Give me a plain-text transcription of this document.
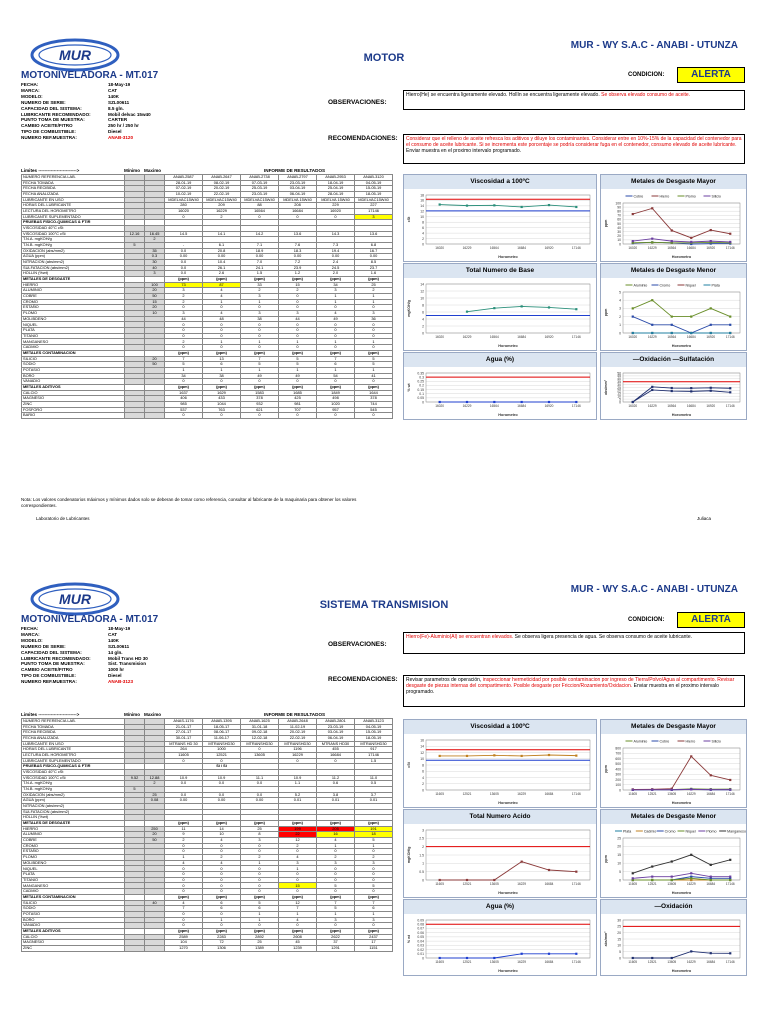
MUR
MUR - WY S.A.C - ANABI - UTUNZA
MOTOR
MOTONIVELADORA - MT.017	CONDICION:	ALERTA
FECHA:	18-May-19
MARCA:	CAT
MODELO:	140K
NUMERO DE SERIE:	SZL00611
CAPACIDAD DEL SISTEMA:	8.5 gln.
LUBRICANTE RECOMENDADO:	Mobil delvac 15w40
PUNTO TOMA DE MUESTRA:	CARTER
CAMBIO ACEITE/FITRO	250 hr / 250 hr
TIPO DE COMBUSTIBLE:	Diesel
NUMERO REF.MUESTRA:	ANAB-3120
OBSERVACIONES:
Hierro(He) se encuentra ligeramente elevado. Hollín se encuentra ligeramente elevado. Se observa elevado consumo de aceite.
RECOMENDACIONES:	Considerar que el relleno de aceite refresca los aditivos y diluye los contaminantes. Considerar entre en 10%-15% de la capacidad del contenedor para el consumo de aceite lubricante. Si se incrementa este porcentaje se podría considerar fuga en el contenedor, consumo elevado de aceite lubricante. Enviar muestra en el proximo intervalo programado.
Limites ------------------------->	Mínimo Maximo	INFORME DE RESULTADOS
NUMERO REFERENCIA LAB.			ANAB-2587	ANAB-2647	ANAB-2738	ANAB-2797	ANAB-2953	ANAB-3120
FECHA TOMADA			28-01-19	08-02-19	07-03-19	23-03-19	18-04-19	04-05-19
FECHA RECIBIDA			07-02-19	20-02-19	25-03-19	03-04-19	25-04-19	15-05-19
FECHA ANALIZADA			10-02-19	22-02-19	23-03-19	06-04-19	28-04-19	18-05-19
LUBRICANTE EN USO			MDELVAC15W40	MDELVAC15W40	MDELVAC15W40	MDELVA 15W40	MDELVA 15W40	MDELVAC15W40
HORAS DEL LUBRICANTE			280	209	88	208	229	227
LECTURA DEL HOROMETRO			16020	16229	16564	16684	16920	17146
LUBRICANTE SUPLEMENTADO			0	2	0	0	0	3
PRUEBAS FISICO-QUIMICAS & FTIR								
VISCOSIDAD 40°C cSt								
VISCOSIDAD 100°C cSt	12.16	16.45	14.5	14.1	14.2	13.6	14.3	13.6
T.N.A. mgKOH/g		2						
T.N.B. mgKOH/g	5		-	6.1	7.1	7.6	7.3	6.8
OXIDACION (abs/mm2)		35	0.0	20.8	18.9	18.3	19.4	16.7
AGUA (ppm)		0.3	0.00	0.00	0.00	0.00	0.00	0.00
NITRACION (abs/mm2)		30	0.0	10.4	7.0	7.2	2.4	8.5
SULFATACION (abs/mm2)		40	0.0	26.1	24.1	23.9	24.5	23.7
HOLLIN (%wt)		3	0.0	2.6	1.5	1.2	2.0	1.6
METALES DE DESGASTE			(ppm)	(ppm)	(ppm)	(ppm)	(ppm)	(ppm)
HIERRO		100	73	87	33	15	34	25
ALUMINIO		20	3	4	2	2	3	2
COBRE		50	2	4	3	0	1	1
CROMO		15	2	1	1	0	1	1
ESTAÑO		20	0	0	0	0	0	0
PLOMO		10	3	4	3	3	4	3
MOLIBDENO			44	48	38	44	49	36
NIQUEL			0	0	0	0	0	0
PLATA			0	0	0	0	0	0
TITANIO			0	0	0	0	0	0
MANGANESO			2	1	1	1	1	1
CADMIO			0	0	0	0	0	0
METALES CONTAMINACION			(ppm)	(ppm)	(ppm)	(ppm)	(ppm)	(ppm)
SILICIO		20	7	13	7	5	7	5
SODIO		50	5	6	5	5	6	5
POTASIO			1	1	1	1	1	1
BORO			34	38	49	49	54	41
VANADIO			0	0	0	0	0	0
METALES ADITIVOS			(ppm)	(ppm)	(ppm)	(ppm)	(ppm)	(ppm)
CALCIO			1637	1629	1583	1685	1849	1644
MAGNESIO			406	433	378	425	498	378
ZINC			985	1044	932	981	1020	744
FOSFORO			537	763	621	707	957	545
BARIO			0	0	0	0	0	0
Nota: Los valores condenatorios máximos y mínimos dados solo se deberan de tomar como referencia, consultar al fabricante de la maquinaria para obtener los valores correspondientes.
Laboratorio de Lubricantes	Juliaca
Viscosidad a 100ºC
0
2
4
6
8
10
12
14
16
18
16020	16229	16564	16684	16920	17146
Horometro
cSt
Metales de Desgaste Mayor
0
10
20
30
40
50
60
70
80
90
100
16020	16229	16564	16684	16920	17146
Horometro
ppm
Cobre	Hierro	Plomo	Silicio
Total Numero de Base
0
2
4
6
8
10
12
14
16020	16229	16564	16684	16920	17146
Horometro
mgKOH/g
Metales de Desgaste Menor
0
1
2
3
4
5
16020	16229	16564	16684	16920	17146
Horometro
ppm
Aluminio	Cromo	Niquel	Plata
Agua (%)
0
0.05
0.1
0.15
0.2
0.25
0.3
0.35
16020	16229	16564	16684	16920	17146
Horometro
% wt
—Oxidación —Sulfatación
0
5
10
15
20
25
30
35
40
45
50
16020	16229	16564	16684	16920	17146
Horometro
abs/mm²
MUR
MUR - WY S.A.C - ANABI - UTUNZA
SISTEMA TRANSMISION
MOTONIVELADORA - MT.017	CONDICION:	ALERTA
FECHA:	18-May-19
MARCA:	CAT
MODELO:	140K
NUMERO DE SERIE:	SZL00611
CAPACIDAD DEL SISTEMA:	14 gln.
LUBRICANTE RECOMENDADO:	Mobil Trans HD 30
PUNTO TOMA DE MUESTRA:	Sist. Transmision
CAMBIO ACEITE/FITRO	1000 hr
TIPO DE COMBUSTIBLE:	Diesel
NUMERO REF.MUESTRA:	ANAB-3123
OBSERVACIONES:
Hierro(Fe)-Aluminio(Al) se encuentran elevados. Se observa ligera presencia de agua. Se observa consumo de aceite lubricante.
RECOMENDACIONES:	Revisar parametros de operación, inspeccionar hermeticidad por posible contaminacion por ingreso de Tierra/Polvo/Agua al compartimento. Revisar desgaste de piezas internas del compartimento. Posible desgaste por Friccion/Rozamiento/Oxidacion. Enviar muestra en el proximo intervalo programado.
Limites ------------------------->	Mínimo Maximo	INFORME DE RESULTADOS
NUMERO REFERENCIA LAB.			ANAS-1176	ANAB-1395	ANAB-1625	ANAB-2648	ANAB-2801	ANAB-3123
FECHA TOMADA			21-01-17	18-05-17	31-01-18	11-02-19	23-03-19	04-05-19
FECHA RECIBIDA			27-01-17	08-06-17	09-02-18	20-02-19	03-04-19	15-05-19
FECHA ANALIZADA			30-01-17	11-06-17	12-02-18	22-02-19	06-04-19	18-05-19
LUBRICANTE EN USO			MTRANS HD 30	MTRANSHD30	MTRANSHD30	MTRANSHD30	MTRANS HD30	MTRANSHD30
HORAS DEL LUBRICANTE			264	1000	0	1196	455	917
LECTURA DEL HOROMETRO			11605	12521	13605	16229	16684	17146
LUBRICANTE SUPLEMENTADO			0	0		0	0	1.5
PRUEBAS FISICO-QUIMICAS & FTIR				Si / Si				
VISCOSIDAD 40°C cSt								
VISCOSIDAD 100°C cSt	9.52	12.88	10.9	10.9	11.1	10.9	11.2	11.0
T.N.A. mgKOH/g		2	0.0	0.0	0.0	1.1	0.6	0.5
T.N.B. mgKOH/g	5							
OXIDACION (abs/mm2)		25	0.0	0.0	0.0	5.2	3.8	3.7
AGUA (ppm)		0.08	0.00	0.00	0.00	0.01	0.01	0.01
NITRACION (abs/mm2)								
SULFATACION (abs/mm2)								
HOLLIN (%wt)								
METALES DE DESGASTE			(ppm)	(ppm)	(ppm)	(ppm)	(ppm)	(ppm)
HIERRO		250	11	14	25	199	205	191
ALUMINIO		20	9	10	8	22	16	18
COBRE		50	2	4	3	12	4	5
CROMO			0	0	0	2	1	1
ESTAÑO			0	0	0	0	0	0
PLOMO			1	2	2	4	2	2
MOLIBDENO			4	4	1	3	3	3
NIQUEL			0	0	0	1	0	0
PLATA			0	0	0	0	0	0
TITANIO			0	0	0	0	0	0
MANGANESO			0	0	0	15	5	5
CADMIO			0	0	0	0	0	0
METALES CONTAMINACION			(ppm)	(ppm)	(ppm)	(ppm)	(ppm)	(ppm)
SILICIO		40	4	6	5	12	7	7
SODIO			7	6	6	7	5	6
POTASIO			0	0	1	1	1	1
BORO			0	1	1	4	3	3
VANADIO			0	0	0	0	0	0
METALES ADITIVOS			(ppm)	(ppm)	(ppm)	(ppm)	(ppm)	(ppm)
CALCIO			2589	2283	2892	2608	2622	2437
MAGNESIO			104	72	25	45	37	17
ZINC			1270	1306	1389	1239	1291	1151
Viscosidad a 100ºC
0
2
4
6
8
10
12
14
16
11605	12521	13605	16229	16684	17146
Horometro
cSt
Metales de Desgaste Mayor
0
100
200
300
400
500
600
700
800
11605	12521	13605	16229	16684	17146
Horometro
ppm
Aluminio	Cobre	Hierro	Silicio
Total Numero Acido
0
0.5
1
1.5
2
2.5
3
11605	12521	13605	16229	16684	17146
Horometro
mgKOH/g
Metales de Desgaste Menor
0
5
10
15
20
25
11605	12521	13605	16229	16684	17146
Horometro
ppm
Plata	Cadmio Cromo	Niquel	Plomo	Manganeso
Agua (%)
0
0.01
0.02
0.03
0.04
0.05
0.06
0.07
0.08
0.09
11605	12521	13605	16229	16684	17146
Horometro
% wt
—Oxidación
0
5
10
15
20
25
30
11605	12521	13605	16229	16684	17146
Horometro
abs/mm²
